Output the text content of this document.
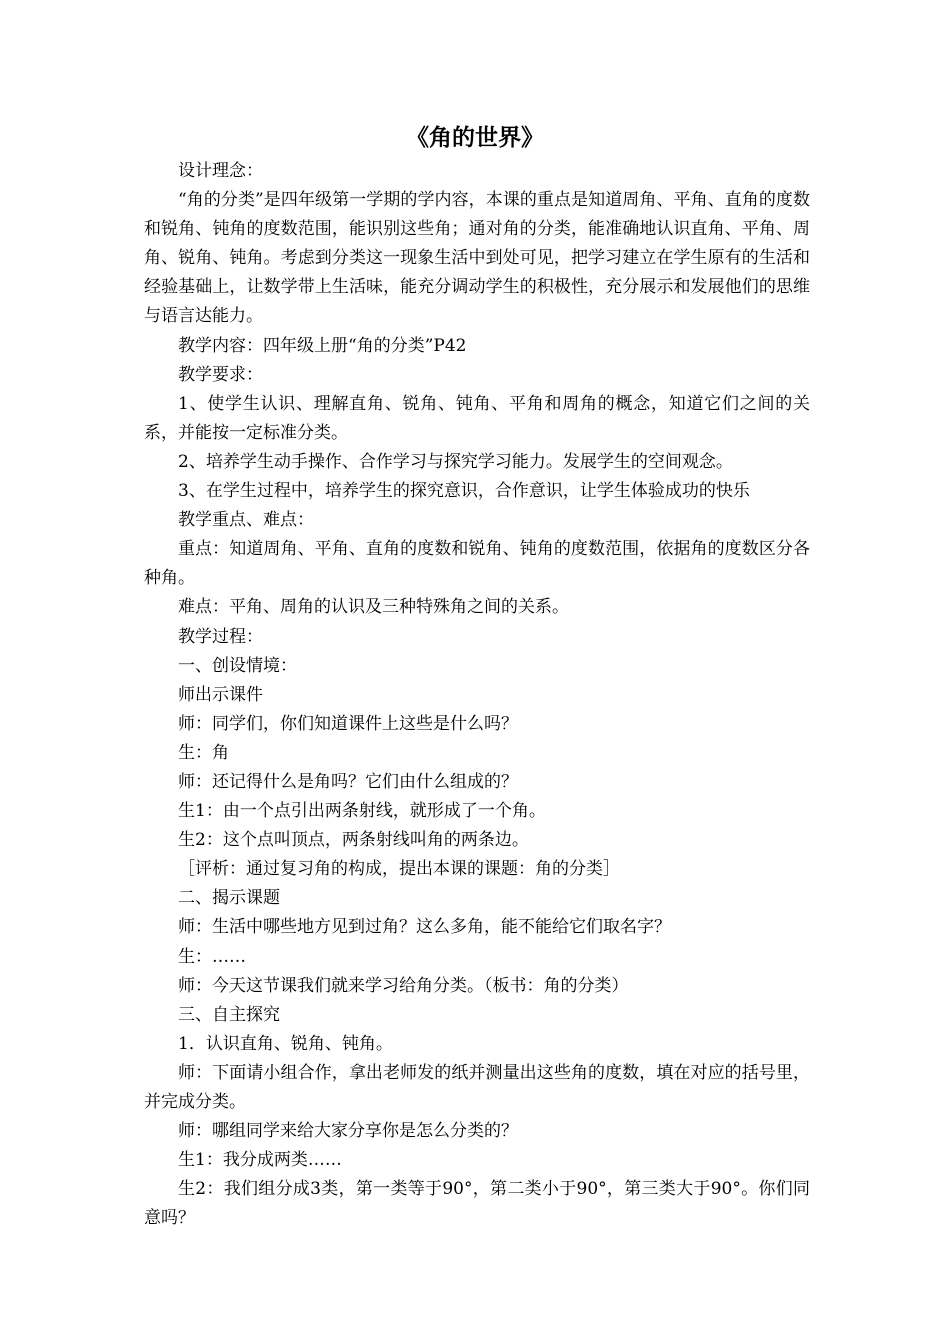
《角的世界》

设计理念：

“角的分类”是四年级第一学期的学内容，本课的重点是知道周角、平角、直角的度数和锐角、钝角的度数范围，能识别这些角；通对角的分类，能准确地认识直角、平角、周角、锐角、钝角。考虑到分类这一现象生活中到处可见，把学习建立在学生原有的生活和经验基础上，让数学带上生活味，能充分调动学生的积极性，充分展示和发展他们的思维与语言达能力。

教学内容：四年级上册“角的分类”P42

教学要求：

1、使学生认识、理解直角、锐角、钝角、平角和周角的概念，知道它们之间的关系，并能按一定标准分类。

2、培养学生动手操作、合作学习与探究学习能力。发展学生的空间观念。

3、在学生过程中，培养学生的探究意识，合作意识，让学生体验成功的快乐

教学重点、难点：

重点：知道周角、平角、直角的度数和锐角、钝角的度数范围，依据角的度数区分各种角。

难点：平角、周角的认识及三种特殊角之间的关系。

教学过程：

一、创设情境：

师出示课件

师：同学们，你们知道课件上这些是什么吗？

生：角

师：还记得什么是角吗？它们由什么组成的？

生1：由一个点引出两条射线，就形成了一个角。

生2：这个点叫顶点，两条射线叫角的两条边。

［评析：通过复习角的构成，提出本课的课题：角的分类］

二、揭示课题

师：生活中哪些地方见到过角？这么多角，能不能给它们取名字？

生：……

师：今天这节课我们就来学习给角分类。（板书：角的分类）

三、自主探究

1．认识直角、锐角、钝角。

师：下面请小组合作，拿出老师发的纸并测量出这些角的度数，填在对应的括号里，并完成分类。

师：哪组同学来给大家分享你是怎么分类的？

生1：我分成两类……

生2：我们组分成3类，第一类等于90°，第二类小于90°，第三类大于90°。你们同意吗？
